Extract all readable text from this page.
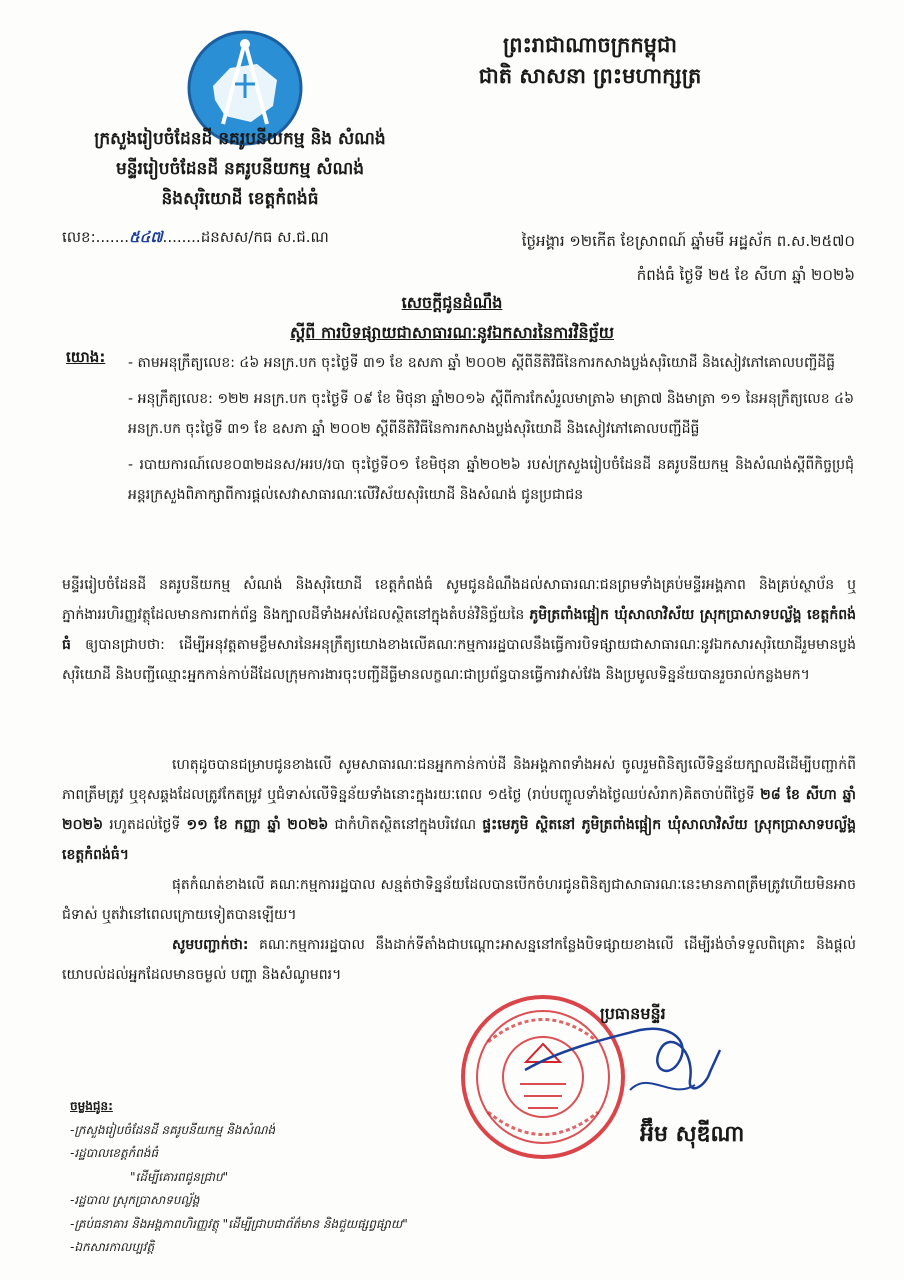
ព្រះរាជាណាចក្រកម្ពុជា
ជាតិ សាសនា ព្រះមហាក្សត្រ
ក្រសួងរៀបចំដែនដី នគរូបនីយកម្ម និង សំណង់
មន្ទីររៀបចំដែនដី នគរូបនីយកម្ម សំណង់
និងសុរិយោដី ខេត្តកំពង់ធំ
លេខ:.......៥៤៧........ដនសស/កធ ស.ជ.ណ	ថ្ងៃអង្គារ ១២កើត ខែស្រាពណ៍ ឆ្នាំមមី អដ្ឋស័ក ព.ស.២៥៧០
កំពង់ធំ ថ្ងៃទី ២៥ ខែ សីហា ឆ្នាំ ២០២៦
សេចក្តីជូនដំណឹង
ស្តីពី ការបិទផ្សាយជាសាធារណៈនូវឯកសារនៃការវិនិច្ឆ័យ
យោង: - តាមអនុក្រឹត្យលេខ: ៤៦ អនក្រ.បក ចុះថ្ងៃទី ៣១ ខែ ឧសភា ឆ្នាំ ២០០២ ស្តីពីនីតិវិធីនៃការកសាងប្លង់សុរិយោដី និងសៀវភៅគោលបញ្ជីដីធ្លី

- អនុក្រឹត្យលេខ: ១២២ អនក្រ.បក ចុះថ្ងៃទី ០៩ ខែ មិថុនា ឆ្នាំ២០១៦ ស្តីពីការកែសំរួលមាត្រា៦ មាត្រា៧ និងមាត្រា ១១ នៃអនុក្រឹត្យលេខ ៤៦ អនក្រ.បក ចុះថ្ងៃទី ៣១ ខែ ឧសភា ឆ្នាំ ២០០២ ស្តីពីនីតិវិធីនៃការកសាងប្លង់សុរិយោដី និងសៀវភៅគោលបញ្ជីដីធ្លី

- របាយការណ៍លេខ០៣២ដនស/អរប/របា ចុះថ្ងៃទី០១ ខែមិថុនា ឆ្នាំ២០២៦ របស់ក្រសួងរៀបចំដែនដី នគរូបនីយកម្ម និងសំណង់ស្តីពីកិច្ចប្រជុំអន្តរក្រសួងពិភាក្សាពីការផ្តល់សេវាសាធារណៈលើវិស័យសុរិយោដី និងសំណង់ ជូនប្រជាជន

មន្ទីររៀបចំដែនដី នគរូបនីយកម្ម សំណង់ និងសុរិយោដី ខេត្តកំពង់ធំ សូមជូនដំណឹងដល់សាធារណៈជនព្រមទាំងគ្រប់មន្ទីរអង្គភាព និងគ្រប់ស្ថាប័ន ឬភ្នាក់ងាររហិរញ្ញវត្ថុដែលមានការពាក់ព័ន្ធ និងក្បាលដីទាំងអស់ដែលស្ថិតនៅក្នុងតំបន់វិនិច្ឆ័យនៃ ភូមិត្រពាំងផ្អៀក ឃុំសាលាវិស័យ ស្រុកប្រាសាទបល្ល័ង្គ ខេត្តកំពង់ធំ ឲ្យបានជ្រាបថា: ដើម្បីអនុវត្តតាមខ្លឹមសារនៃអនុក្រឹត្យយោងខាងលើគណៈកម្មការរដ្ឋបាលនឹងធ្វើការបិទផ្សាយជាសាធារណៈនូវឯកសារសុរិយោដីរួមមានប្លង់សុរិយោដី និងបញ្ជីឈ្មោះអ្នកកាន់កាប់ដីដែលក្រុមការងារចុះបញ្ជីដីធ្លីមានលក្ខណៈជាប្រព័ន្ធបានធ្វើការវាស់វែង និងប្រមូលទិន្នន័យបានរួចរាល់កន្លងមក។

ហេតុដូចបានជម្រាបជូនខាងលើ សូមសាធារណៈជនអ្នកកាន់កាប់ដី និងអង្គភាពទាំងអស់ ចូលរួមពិនិត្យលើទិន្នន័យក្បាលដីដើម្បីបញ្ជាក់ពីភាពត្រឹមត្រូវ ឬខុសឆ្គងដែលត្រូវកែតម្រូវ ឬជំទាស់លើទិន្នន័យទាំងនោះក្នុងរយៈពេល ១៥ថ្ងៃ (រាប់បញ្ចូលទាំងថ្ងៃឈប់សំរាក)គិតចាប់ពីថ្ងៃទី ២៨ ខែ សីហា ឆ្នាំ ២០២៦ រហូតដល់ថ្ងៃទី ១១ ខែ កញ្ញា ឆ្នាំ ២០២៦ ជាកំហិតស្ថិតនៅក្នុងបរិវេណ ផ្ទះមេភូមិ ស្ថិតនៅ ភូមិត្រពាំងផ្អៀក ឃុំសាលាវិស័យ ស្រុកប្រាសាទបល្ល័ង្គ ខេត្តកំពង់ធំ។

ផុតកំណត់ខាងលើ គណៈកម្មការរដ្ឋបាល សន្មត់ថាទិន្នន័យដែលបានបើកចំហរជូនពិនិត្យជាសាធារណៈនេះមានភាពត្រឹមត្រូវហើយមិនអាចជំទាស់ ឬតវ៉ានៅពេលក្រោយទៀតបានឡើយ។

សូមបញ្ជាក់ថា: គណៈកម្មការរដ្ឋបាល នឹងដាក់ទីតាំងជាបណ្តោះអាសន្ននៅកន្លែងបិទផ្សាយខាងលើ ដើម្បីរង់ចាំទទួលពិគ្រោះ និងផ្តល់យោបល់ដល់អ្នកដែលមានចម្ងល់ បញ្ហា និងសំណូមពរ។

ប្រធានមន្ទីរ
អ៊ឹម សុឌីណា
ចម្លងជូន:
-ក្រសួងរៀបចំដែនដី នគរូបនីយកម្ម និងសំណង់
-រដ្ឋបាលខេត្តកំពង់ធំ
"ដើម្បីគោរពជូនជ្រាប"
-រដ្ឋបាល ស្រុកប្រាសាទបល្ល័ង្គ
-គ្រប់ធនាគារ និងអង្គភាពហិរញ្ញវត្ថុ "ដើម្បីជ្រាបជាព័ត៌មាន និងជួយផ្សព្វផ្សាយ"
-ឯកសារកាលប្បវត្តិ
